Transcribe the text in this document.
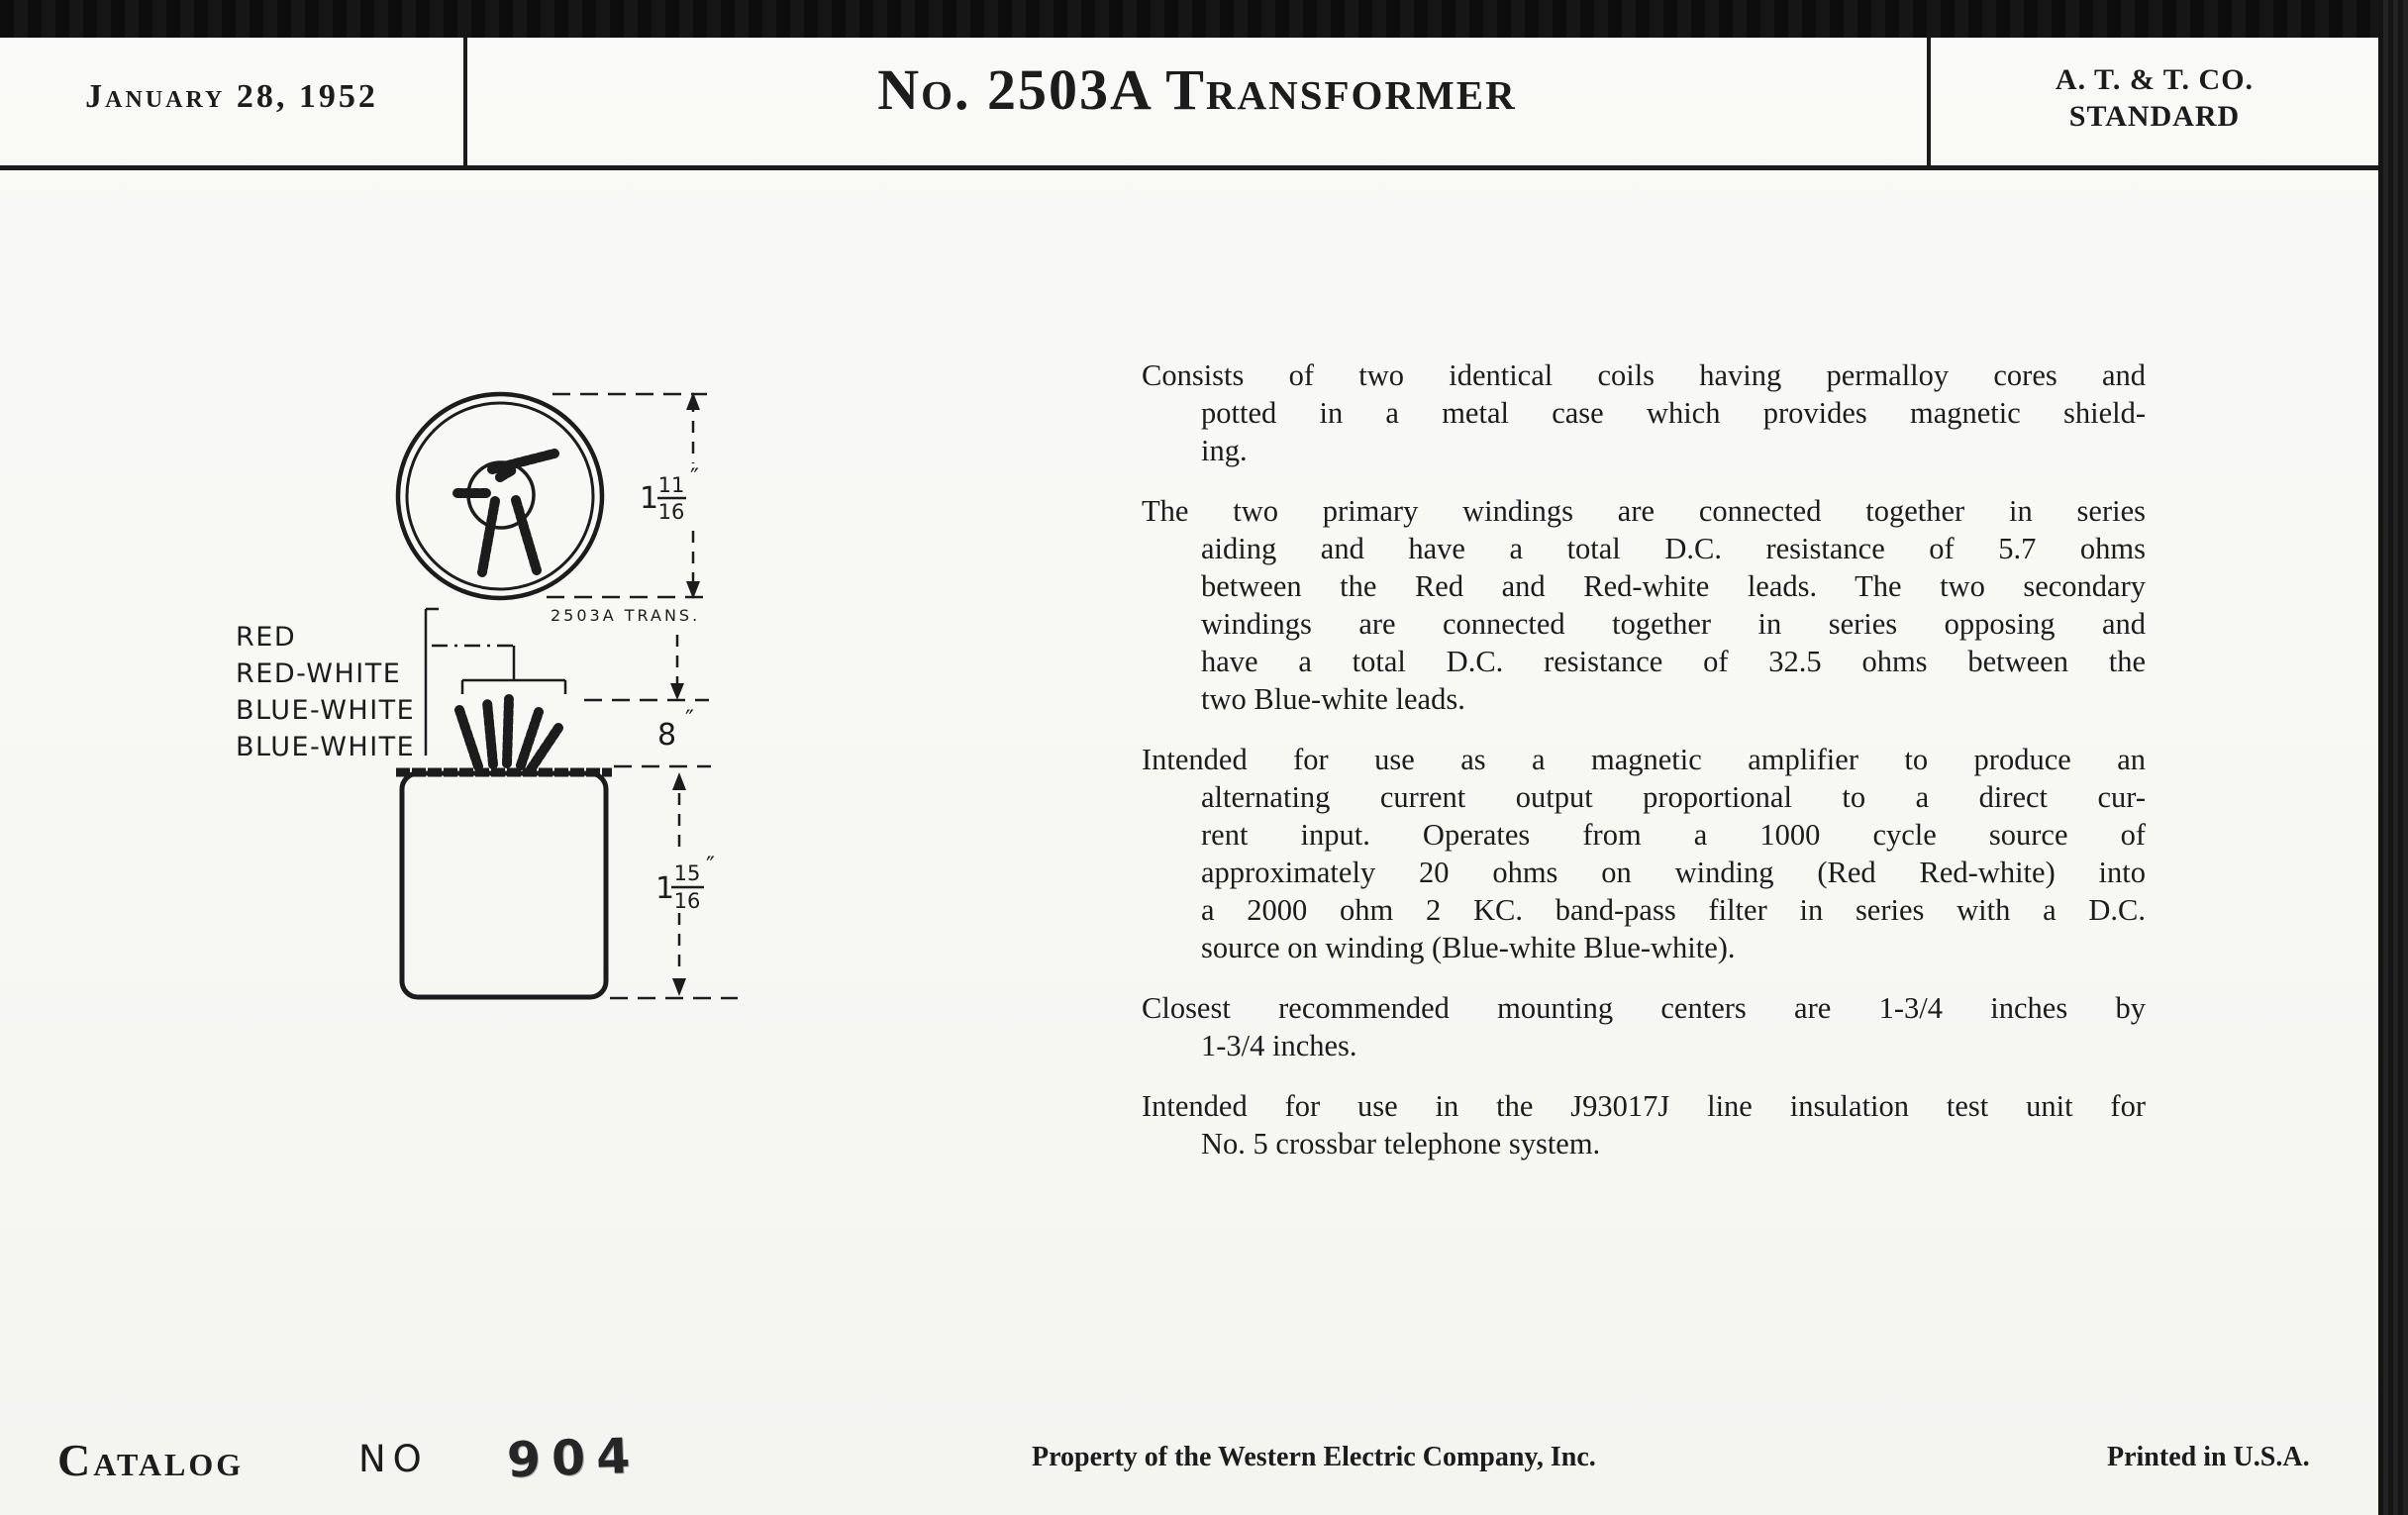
January 28, 1952	No. 2503A Transformer	A. T. & T. CO.
STANDARD
1 11
16
″
2503A TRANS.
RED
RED-WHITE
BLUE-WHITE
BLUE-WHITE	8 ″
1 15
16
″
Consists of two identical coils having permalloy cores and
potted in a metal case which provides magnetic shield-
ing.
The two primary windings are connected together in series
aiding and have a total D.C. resistance of 5.7 ohms
between the Red and Red-white leads. The two secondary
windings are connected together in series opposing and
have a total D.C. resistance of 32.5 ohms between the
two Blue-white leads.
Intended for use as a magnetic amplifier to produce an
alternating current output proportional to a direct cur-
rent input. Operates from a 1000 cycle source of
approximately 20 ohms on winding (Red Red-white) into
a 2000 ohm 2 KC. band-pass filter in series with a D.C.
source on winding (Blue-white Blue-white).
Closest recommended mounting centers are 1-3/4 inches by
1-3/4 inches.
Intended for use in the J93017J line insulation test unit for
No. 5 crossbar telephone system.
Catalog	NO 904	Property of the Western Electric Company, Inc.	Printed in U.S.A.
